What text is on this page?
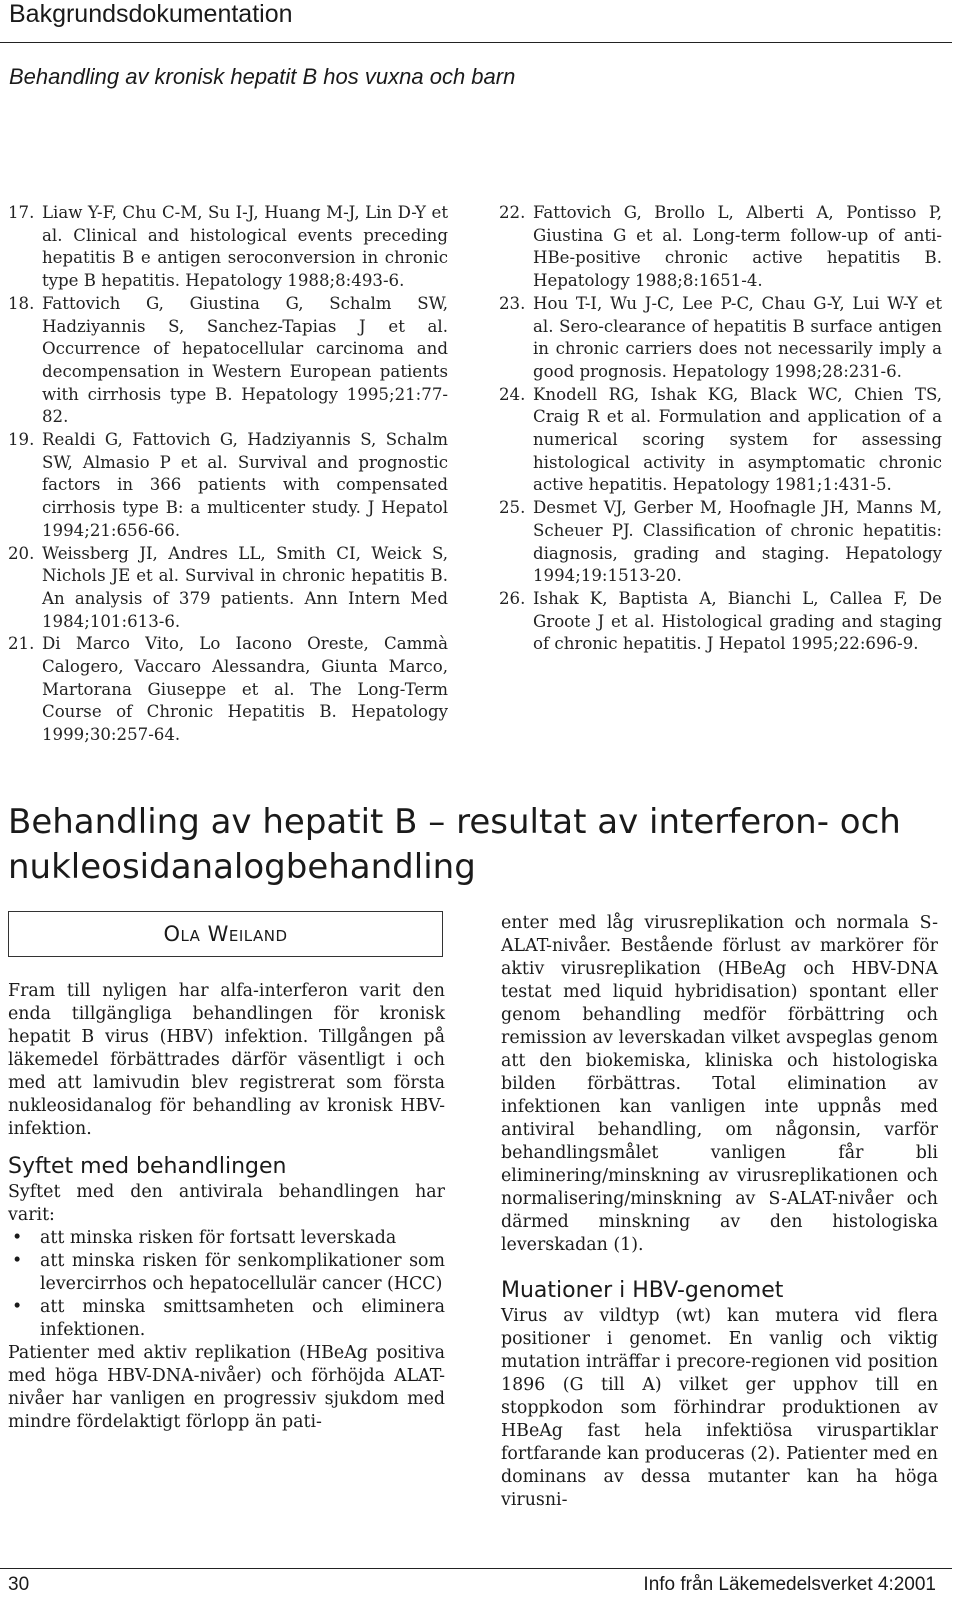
Bakgrundsdokumentation
Behandling av kronisk hepatit B hos vuxna och barn
17. Liaw Y-F, Chu C-M, Su I-J, Huang M-J, Lin D-Y et al. Clinical and histological events preceding hepatitis B e antigen seroconversion in chronic type B hepatitis. Hepatology 1988;8:493-6.
18. Fattovich G, Giustina G, Schalm SW, Hadziyannis S, Sanchez-Tapias J et al. Occurrence of hepatocellular carcinoma and decompensation in Western European patients with cirrhosis type B. Hepatology 1995;21:77-82.
19. Realdi G, Fattovich G, Hadziyannis S, Schalm SW, Almasio P et al. Survival and prognostic factors in 366 patients with compensated cirrhosis type B: a multicenter study. J Hepatol 1994;21:656-66.
20. Weissberg JI, Andres LL, Smith CI, Weick S, Nichols JE et al. Survival in chronic hepatitis B. An analysis of 379 patients. Ann Intern Med 1984;101:613-6.
21. Di Marco Vito, Lo Iacono Oreste, Cammà Calogero, Vaccaro Alessandra, Giunta Marco, Martorana Giuseppe et al. The Long-Term Course of Chronic Hepatitis B. Hepatology 1999;30:257-64.
22. Fattovich G, Brollo L, Alberti A, Pontisso P, Giustina G et al. Long-term follow-up of anti-HBe-positive chronic active hepatitis B. Hepatology 1988;8:1651-4.
23. Hou T-I, Wu J-C, Lee P-C, Chau G-Y, Lui W-Y et al. Sero-clearance of hepatitis B surface antigen in chronic carriers does not necessarily imply a good prognosis. Hepatology 1998;28:231-6.
24. Knodell RG, Ishak KG, Black WC, Chien TS, Craig R et al. Formulation and application of a numerical scoring system for assessing histological activity in asymptomatic chronic active hepatitis. Hepatology 1981;1:431-5.
25. Desmet VJ, Gerber M, Hoofnagle JH, Manns M, Scheuer PJ. Classification of chronic hepatitis: diagnosis, grading and staging. Hepatology 1994;19:1513-20.
26. Ishak K, Baptista A, Bianchi L, Callea F, De Groote J et al. Histological grading and staging of chronic hepatitis. J Hepatol 1995;22:696-9.
Behandling av hepatit B – resultat av interferon- och nukleosidanalogbehandling
Ola Weiland

Fram till nyligen har alfa-interferon varit den enda tillgängliga behandlingen för kronisk hepatit B virus (HBV) infektion. Tillgången på läkemedel förbättrades därför väsentligt i och med att lamivudin blev registrerat som första nukleosidanalog för behandling av kronisk HBV-infektion.

Syftet med behandlingen

Syftet med den antivirala behandlingen har varit:

• att minska risken för fortsatt leverskada
• att minska risken för senkomplikationer som levercirrhos och hepatocellulär cancer (HCC)
• att minska smittsamheten och eliminera infektionen.

Patienter med aktiv replikation (HBeAg positiva med höga HBV-DNA-nivåer) och förhöjda ALAT-nivåer har vanligen en progressiv sjukdom med mindre fördelaktigt förlopp än pati-

enter med låg virusreplikation och normala S-ALAT-nivåer. Bestående förlust av markörer för aktiv virusreplikation (HBeAg och HBV-DNA testat med liquid hybridisation) spontant eller genom behandling medför förbättring och remission av leverskadan vilket avspeglas genom att den biokemiska, kliniska och histologiska bilden förbättras. Total elimination av infektionen kan vanligen inte uppnås med antiviral behandling, om någonsin, varför behandlingsmålet vanligen får bli eliminering/minskning av virusreplikationen och normalisering/minskning av S-ALAT-nivåer och därmed minskning av den histologiska leverskadan (1).

Muationer i HBV-genomet

Virus av vildtyp (wt) kan mutera vid flera positioner i genomet. En vanlig och viktig mutation inträffar i precore-regionen vid position 1896 (G till A) vilket ger upphov till en stoppkodon som förhindrar produktionen av HBeAg fast hela infektiösa viruspartiklar fortfarande kan produceras (2). Patienter med en dominans av dessa mutanter kan ha höga virusni-

30	Info från Läkemedelsverket 4:2001
